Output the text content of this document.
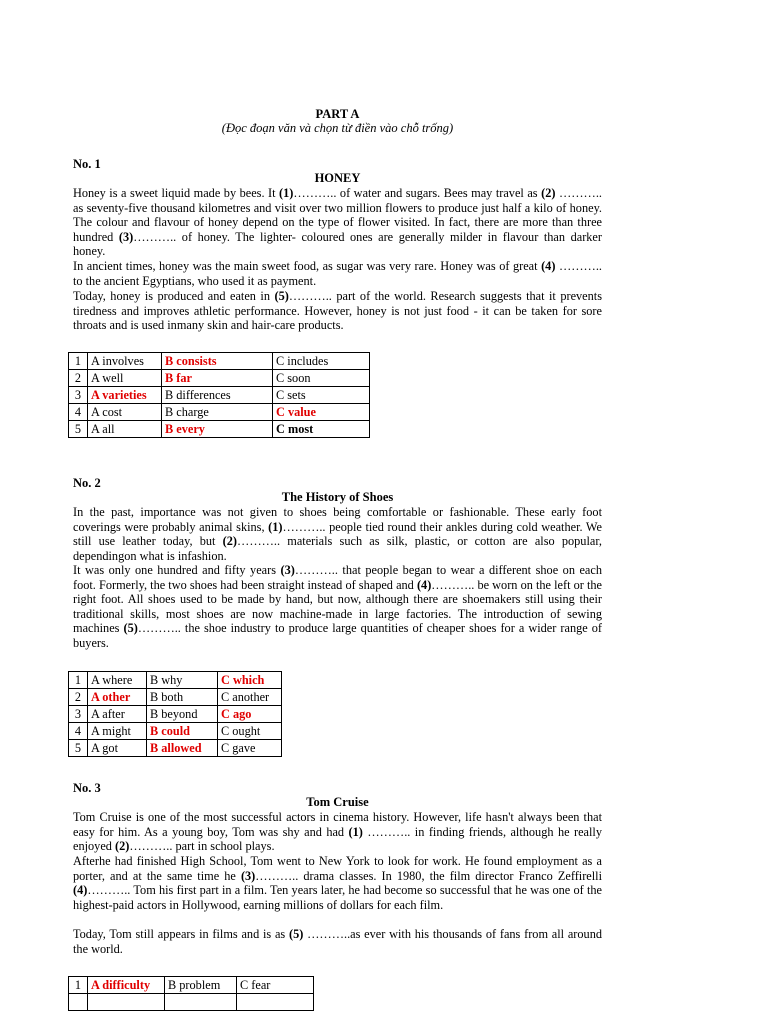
PART A
(Đọc đoạn văn và chọn từ điền vào chỗ trống)
No. 1
HONEY

Honey is a sweet liquid made by bees. It (1)……….. of water and sugars. Bees may travel as (2) ……….. as seventy-five thousand kilometres and visit over two million flowers to produce just half a kilo of honey. The colour and flavour of honey depend on the type of flower visited. In fact, there are more than three hundred (3)……….. of honey. The lighter- coloured ones are generally milder in flavour than darker honey.

In ancient times, honey was the main sweet food, as sugar was very rare. Honey was of great (4) ……….. to the ancient Egyptians, who used it as payment.

Today, honey is produced and eaten in (5)……….. part of the world. Research suggests that it prevents tiredness and improves athletic performance. However, honey is not just food - it can be taken for sore throats and is used inmany skin and hair-care products.

1	A involves	B consists	C includes
2	A well	B far	C soon
3	A varieties	B differences	C sets
4	A cost	B charge	C value
5	A all	B every	C most
No. 2
The History of Shoes

In the past, importance was not given to shoes being comfortable or fashionable. These early foot coverings were probably animal skins, (1)……….. people tied round their ankles during cold weather. We still use leather today, but (2)……….. materials such as silk, plastic, or cotton are also popular, dependingon what is infashion.

It was only one hundred and fifty years (3)……….. that people began to wear a different shoe on each foot. Formerly, the two shoes had been straight instead of shaped and (4)……….. be worn on the left or the right foot. All shoes used to be made by hand, but now, although there are shoemakers still using their traditional skills, most shoes are now machine-made in large factories. The introduction of sewing machines (5)……….. the shoe industry to produce large quantities of cheaper shoes for a wider range of buyers.

1	A where	B why	C which
2	A other	B both	C another
3	A after	B beyond	C ago
4	A might	B could	C ought
5	A got	B allowed	C gave
No. 3
Tom Cruise

Tom Cruise is one of the most successful actors in cinema history. However, life hasn't always been that easy for him. As a young boy, Tom was shy and had (1) ……….. in finding friends, although he really enjoyed (2)……….. part in school plays.

Afterhe had finished High School, Tom went to New York to look for work. He found employment as a porter, and at the same time he (3)……….. drama classes. In 1980, the film director Franco Zeffirelli (4)……….. Tom his first part in a film. Ten years later, he had become so successful that he was one of the highest-paid actors in Hollywood, earning millions of dollars for each film.

Today, Tom still appears in films and is as (5) ………..as ever with his thousands of fans from all around the world.

1	A difficulty	B problem	C fear
